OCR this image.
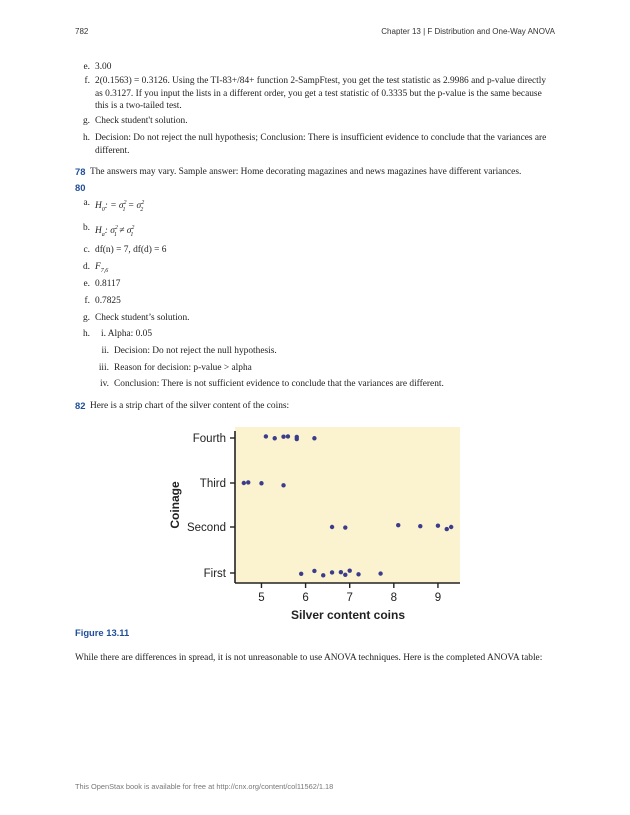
782	Chapter 13 | F Distribution and One-Way ANOVA
e. 3.00
f. 2(0.1563) = 0.3126. Using the TI-83+/84+ function 2-SampFtest, you get the test statistic as 2.9986 and p-value directly as 0.3127. If you input the lists in a different order, you get a test statistic of 0.3335 but the p-value is the same because this is a two-tailed test.
g. Check student't solution.
h. Decision: Do not reject the null hypothesis; Conclusion: There is insufficient evidence to conclude that the variances are different.
78 The answers may vary. Sample answer: Home decorating magazines and news magazines have different variances.
80
a. $H_0$: = $\sigma^2_1 = \sigma^2_2$
b. $H_a$: $\sigma^2_1 \ne \sigma^2_1$
c. df(n) = 7, df(d) = 6
d. $F_{7,6}$
e. 0.8117
f. 0.7825
g. Check student’s solution.
h. i. Alpha: 0.05
ii. Decision: Do not reject the null hypothesis.
iii. Reason for decision: p-value > alpha
iv. Conclusion: There is not sufficient evidence to conclude that the variances are different.
82 Here is a strip chart of the silver content of the coins:
First
Second
Third
Fourth
5	6	7	8	9
Silver content coins
Coinage
Figure 13.11
While there are differences in spread, it is not unreasonable to use ANOVA techniques. Here is the completed ANOVA table:
This OpenStax book is available for free at http://cnx.org/content/col11562/1.18
